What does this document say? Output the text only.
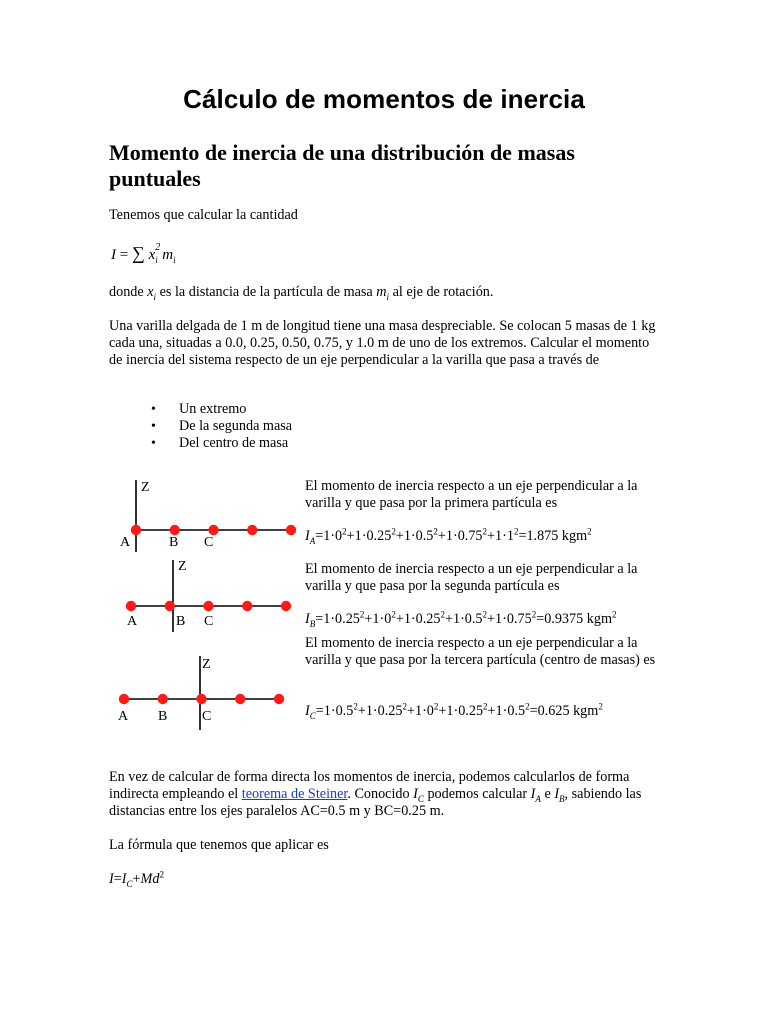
Cálculo de momentos de inercia
Momento de inercia de una distribución de masas puntuales
Tenemos que calcular la cantidad
I = ∑ x 2
i $m_i$
donde $x_i$ es la distancia de la partícula de masa $m_i$ al eje de rotación.
Una varilla delgada de 1 m de longitud tiene una masa despreciable. Se colocan 5 masas de 1 kg cada una, situadas a 0.0, 0.25, 0.50, 0.75, y 1.0 m de uno de los extremos. Calcular el momento de inercia del sistema respecto de un eje perpendicular a la varilla que pasa a través de
• Un extremo
• De la segunda masa
• Del centro de masa
Z
A	B C
Z
A	B C
Z
A B C
El momento de inercia respecto a un eje perpendicular a la varilla y que pasa por la primera partícula es
$I_A=1\cdot 0^2+1\cdot 0.25^2+1\cdot 0.5^2+1\cdot 0.75^2+1\cdot 1^2=1.875$ kgm$^2$
El momento de inercia respecto a un eje perpendicular a la varilla y que pasa por la segunda partícula es
$I_B=1\cdot 0.25^2+1\cdot 0^2+1\cdot 0.25^2+1\cdot 0.5^2+1\cdot 0.75^2=0.9375$ kgm$^2$
El momento de inercia respecto a un eje perpendicular a la varilla y que pasa por la tercera partícula (centro de masas) es
$I_C=1\cdot 0.5^2+1\cdot 0.25^2+1\cdot 0^2+1\cdot 0.25^2+1\cdot 0.5^2=0.625$ kgm$^2$
En vez de calcular de forma directa los momentos de inercia, podemos calcularlos de forma indirecta empleando el teorema de Steiner. Conocido $I_C$ podemos calcular $I_A$ e $I_B$, sabiendo las distancias entre los ejes paralelos AC=0.5 m y BC=0.25 m.
La fórmula que tenemos que aplicar es
$I=I_C+Md^2$
